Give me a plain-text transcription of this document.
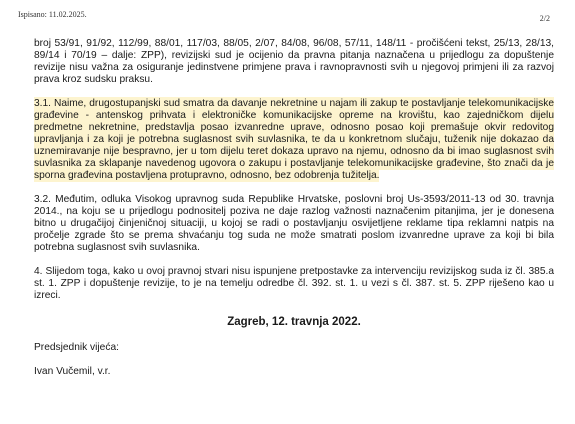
Ispisano: 11.02.2025.	2/2

broj 53/91, 91/92, 112/99, 88/01, 117/03, 88/05, 2/07, 84/08, 96/08, 57/11, 148/11 - pročišćeni tekst, 25/13, 28/13, 89/14 i 70/19 – dalje: ZPP), revizijski sud je ocijenio da pravna pitanja naznačena u prijedlogu za dopuštenje revizije nisu važna za osiguranje jedinstvene primjene prava i ravnopravnosti svih u njegovoj primjeni ili za razvoj prava kroz sudsku praksu.

3.1. Naime, drugostupanjski sud smatra da davanje nekretnine u najam ili zakup te postavljanje telekomunikacijske građevine - antenskog prihvata i elektroničke komunikacijske opreme na krovištu, kao zajedničkom dijelu predmetne nekretnine, predstavlja posao izvanredne uprave, odnosno posao koji premašuje okvir redovitog upravljanja i za koji je potrebna suglasnost svih suvlasnika, te da u konkretnom slučaju, tuženik nije dokazao da uznemiravanje nije bespravno, jer u tom dijelu teret dokaza upravo na njemu, odnosno da bi imao suglasnost svih suvlasnika za sklapanje navedenog ugovora o zakupu i postavljanje telekomunikacijske građevine, što znači da je sporna građevina postavljena protupravno, odnosno, bez odobrenja tužitelja.

3.2. Međutim, odluka Visokog upravnog suda Republike Hrvatske, poslovni broj Us-3593/2011-13 od 30. travnja 2014., na koju se u prijedlogu podnositelj poziva ne daje razlog važnosti naznačenim pitanjima, jer je donesena bitno u drugačijoj činjeničnoj situaciji, u kojoj se radi o postavljanju osvijetljene reklame tipa reklamni natpis na pročelje zgrade što se prema shvaćanju tog suda ne može smatrati poslom izvanredne uprave za koji bi bila potrebna suglasnost svih suvlasnika.

4. Slijedom toga, kako u ovoj pravnoj stvari nisu ispunjene pretpostavke za intervenciju revizijskog suda iz čl. 385.a st. 1. ZPP i dopuštenje revizije, to je na temelju odredbe čl. 392. st. 1. u vezi s čl. 387. st. 5. ZPP riješeno kao u izreci.

Zagreb, 12. travnja 2022.

Predsjednik vijeća:

Ivan Vučemil, v.r.
